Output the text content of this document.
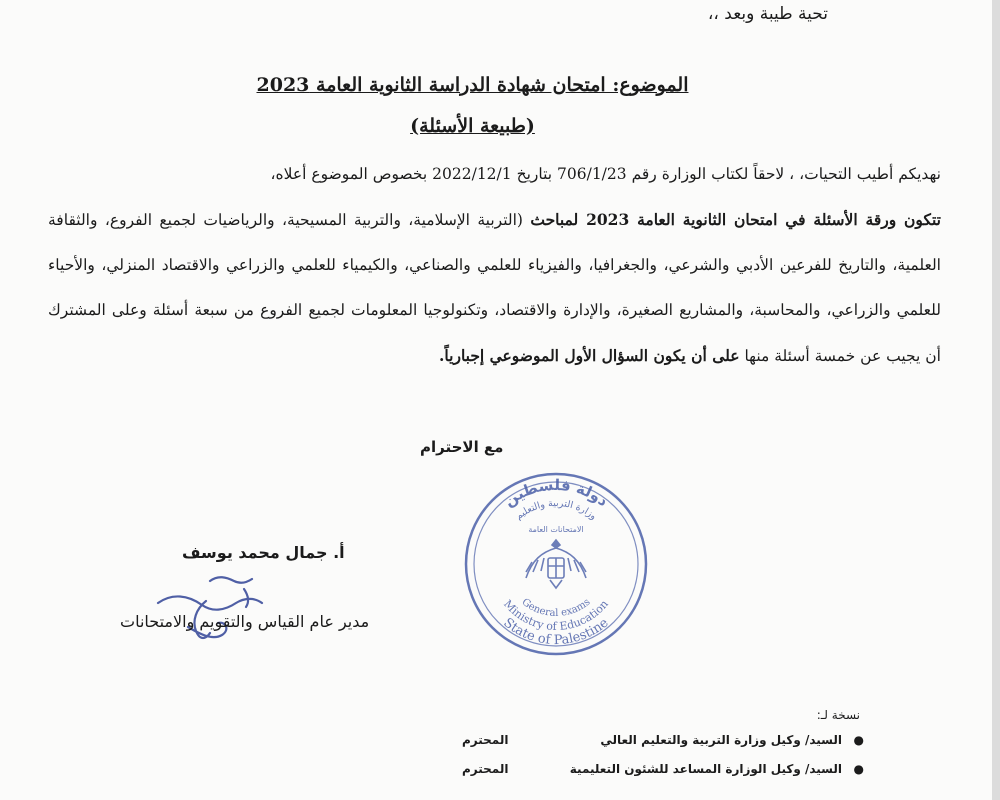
تحية طيبة وبعد ،،
الموضوع: امتحان شهادة الدراسة الثانوية العامة 2023
(طبيعة الأسئلة)
نهديكم أطيب التحيات، ، لاحقاً لكتاب الوزارة رقم 706/1/23 بتاريخ 2022/12/1 بخصوص الموضوع أعلاه،
تتكون ورقة الأسئلة في امتحان الثانوية العامة 2023 لمباحث (التربية الإسلامية، والتربية المسيحية، والرياضيات لجميع الفروع، والثقافة العلمية، والتاريخ للفرعين الأدبي والشرعي، والجغرافيا، والفيزياء للعلمي والصناعي، والكيمياء للعلمي والزراعي والاقتصاد المنزلي، والأحياء للعلمي والزراعي، والمحاسبة، والمشاريع الصغيرة، والإدارة والاقتصاد، وتكنولوجيا المعلومات لجميع الفروع من سبعة أسئلة وعلى المشترك أن يجيب عن خمسة أسئلة منها على أن يكون السؤال الأول الموضوعي إجبارياً.
مع الاحترام
دولة فلسطين
وزارة التربية والتعليم
الامتحانات العامة
General exams
Ministry of Education
State of Palestine
أ. جمال محمد يوسف
مدير عام القياس والتقويم والامتحانات
نسخة لـ:
●
السيد/ وكيل وزارة التربية والتعليم العالي
المحترم
●
السيد/ وكيل الوزارة المساعد للشئون التعليمية
المحترم
